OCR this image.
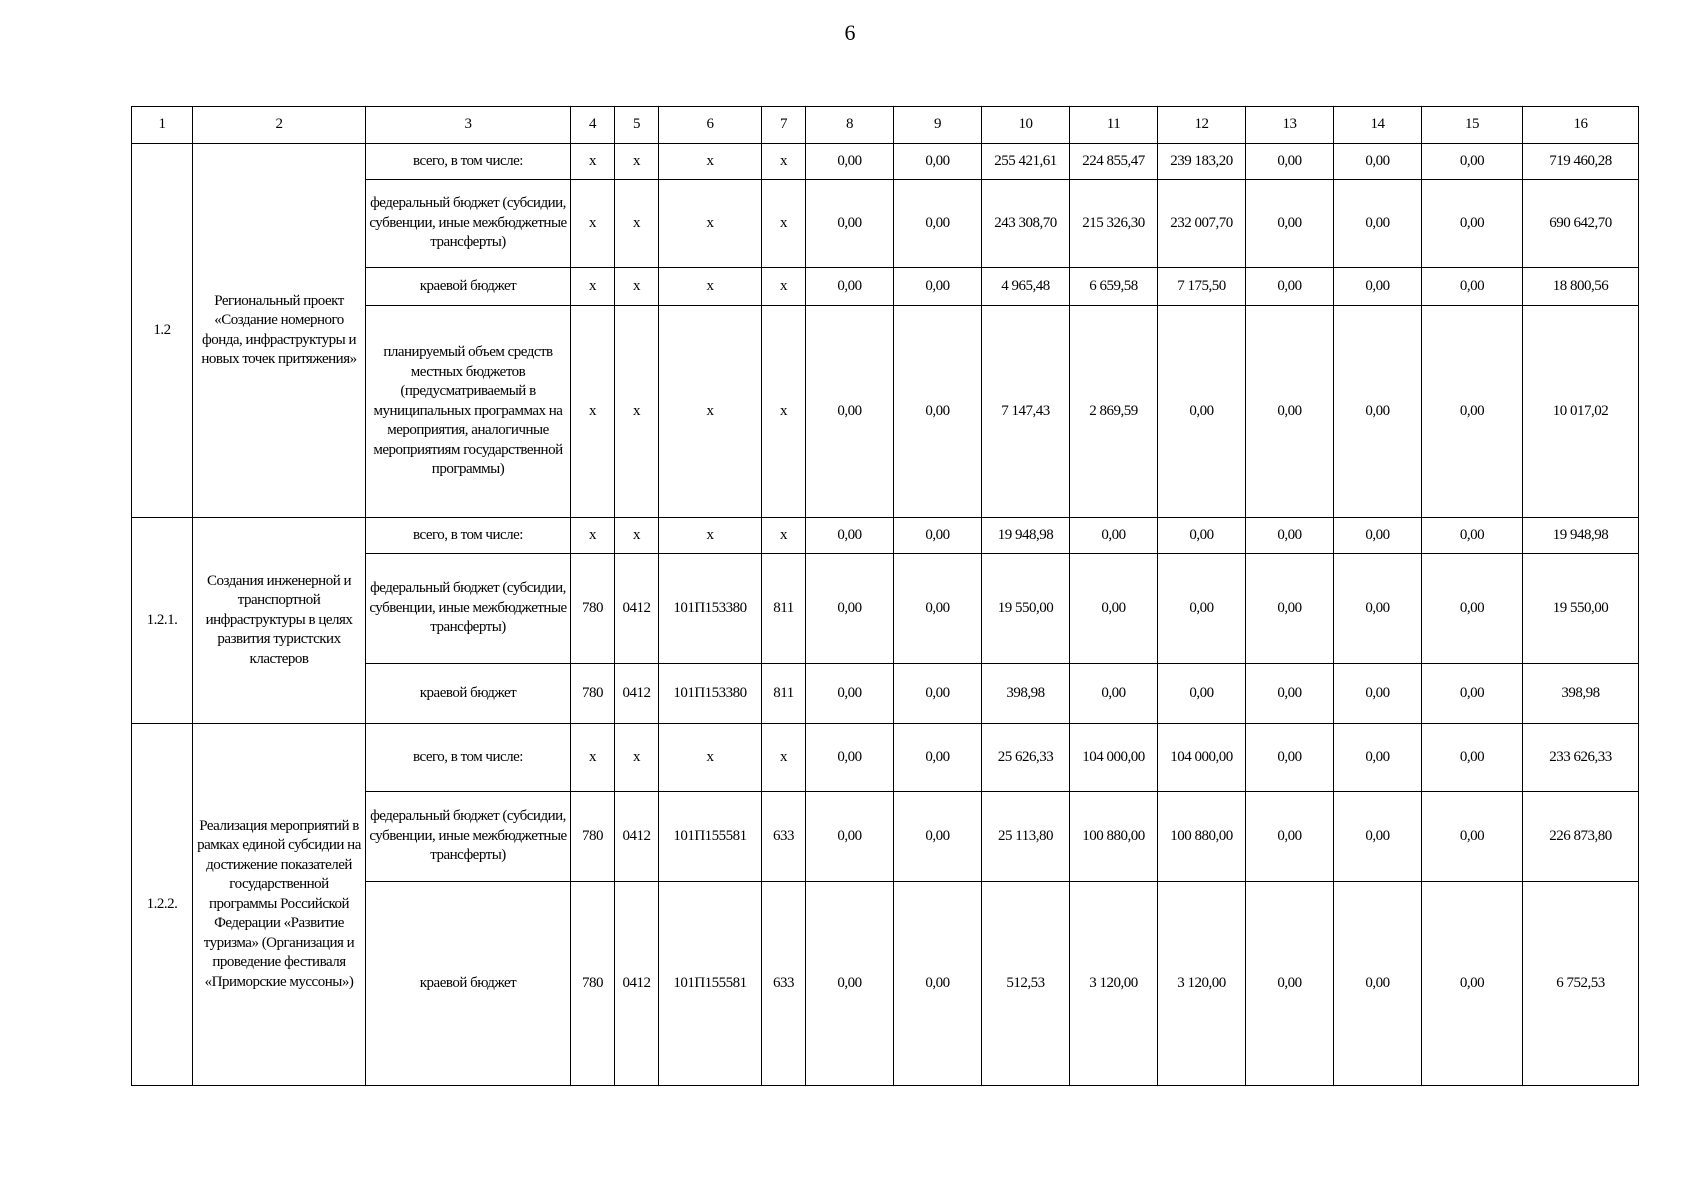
6
1	2	3	4	5	6	7	8	9	10	11	12	13	14	15	16
1.2	Региональный проект «Создание номерного фонда, инфраструктуры и новых точек притяжения»	всего, в том числе:	x	x	x	x	0,00	0,00	255 421,61	224 855,47	239 183,20	0,00	0,00	0,00	719 460,28
		федеральный бюджет (субсидии, субвенции, иные межбюджетные трансферты)	x	x	x	x	0,00	0,00	243 308,70	215 326,30	232 007,70	0,00	0,00	0,00	690 642,70
		краевой бюджет	x	x	x	x	0,00	0,00	4 965,48	6 659,58	7 175,50	0,00	0,00	0,00	18 800,56
		планируемый объем средств местных бюджетов (предусматриваемый в муниципальных программах на мероприятия, аналогичные мероприятиям государственной программы)	x	x	x	x	0,00	0,00	7 147,43	2 869,59	0,00	0,00	0,00	0,00	10 017,02
1.2.1.	Создания инженерной и транспортной инфраструктуры в целях развития туристских кластеров	всего, в том числе:	x	x	x	x	0,00	0,00	19 948,98	0,00	0,00	0,00	0,00	0,00	19 948,98
		федеральный бюджет (субсидии, субвенции, иные межбюджетные трансферты)	780	0412	101П153380	811	0,00	0,00	19 550,00	0,00	0,00	0,00	0,00	0,00	19 550,00
		краевой бюджет	780	0412	101П153380	811	0,00	0,00	398,98	0,00	0,00	0,00	0,00	0,00	398,98
1.2.2.	Реализация мероприятий в рамках единой субсидии на достижение показателей государственной программы Российской Федерации «Развитие туризма» (Организация и проведение фестиваля «Приморские муссоны»)	всего, в том числе:	x	x	x	x	0,00	0,00	25 626,33	104 000,00	104 000,00	0,00	0,00	0,00	233 626,33
		федеральный бюджет (субсидии, субвенции, иные межбюджетные трансферты)	780	0412	101П155581	633	0,00	0,00	25 113,80	100 880,00	100 880,00	0,00	0,00	0,00	226 873,80
		краевой бюджет	780	0412	101П155581	633	0,00	0,00	512,53	3 120,00	3 120,00	0,00	0,00	0,00	6 752,53
